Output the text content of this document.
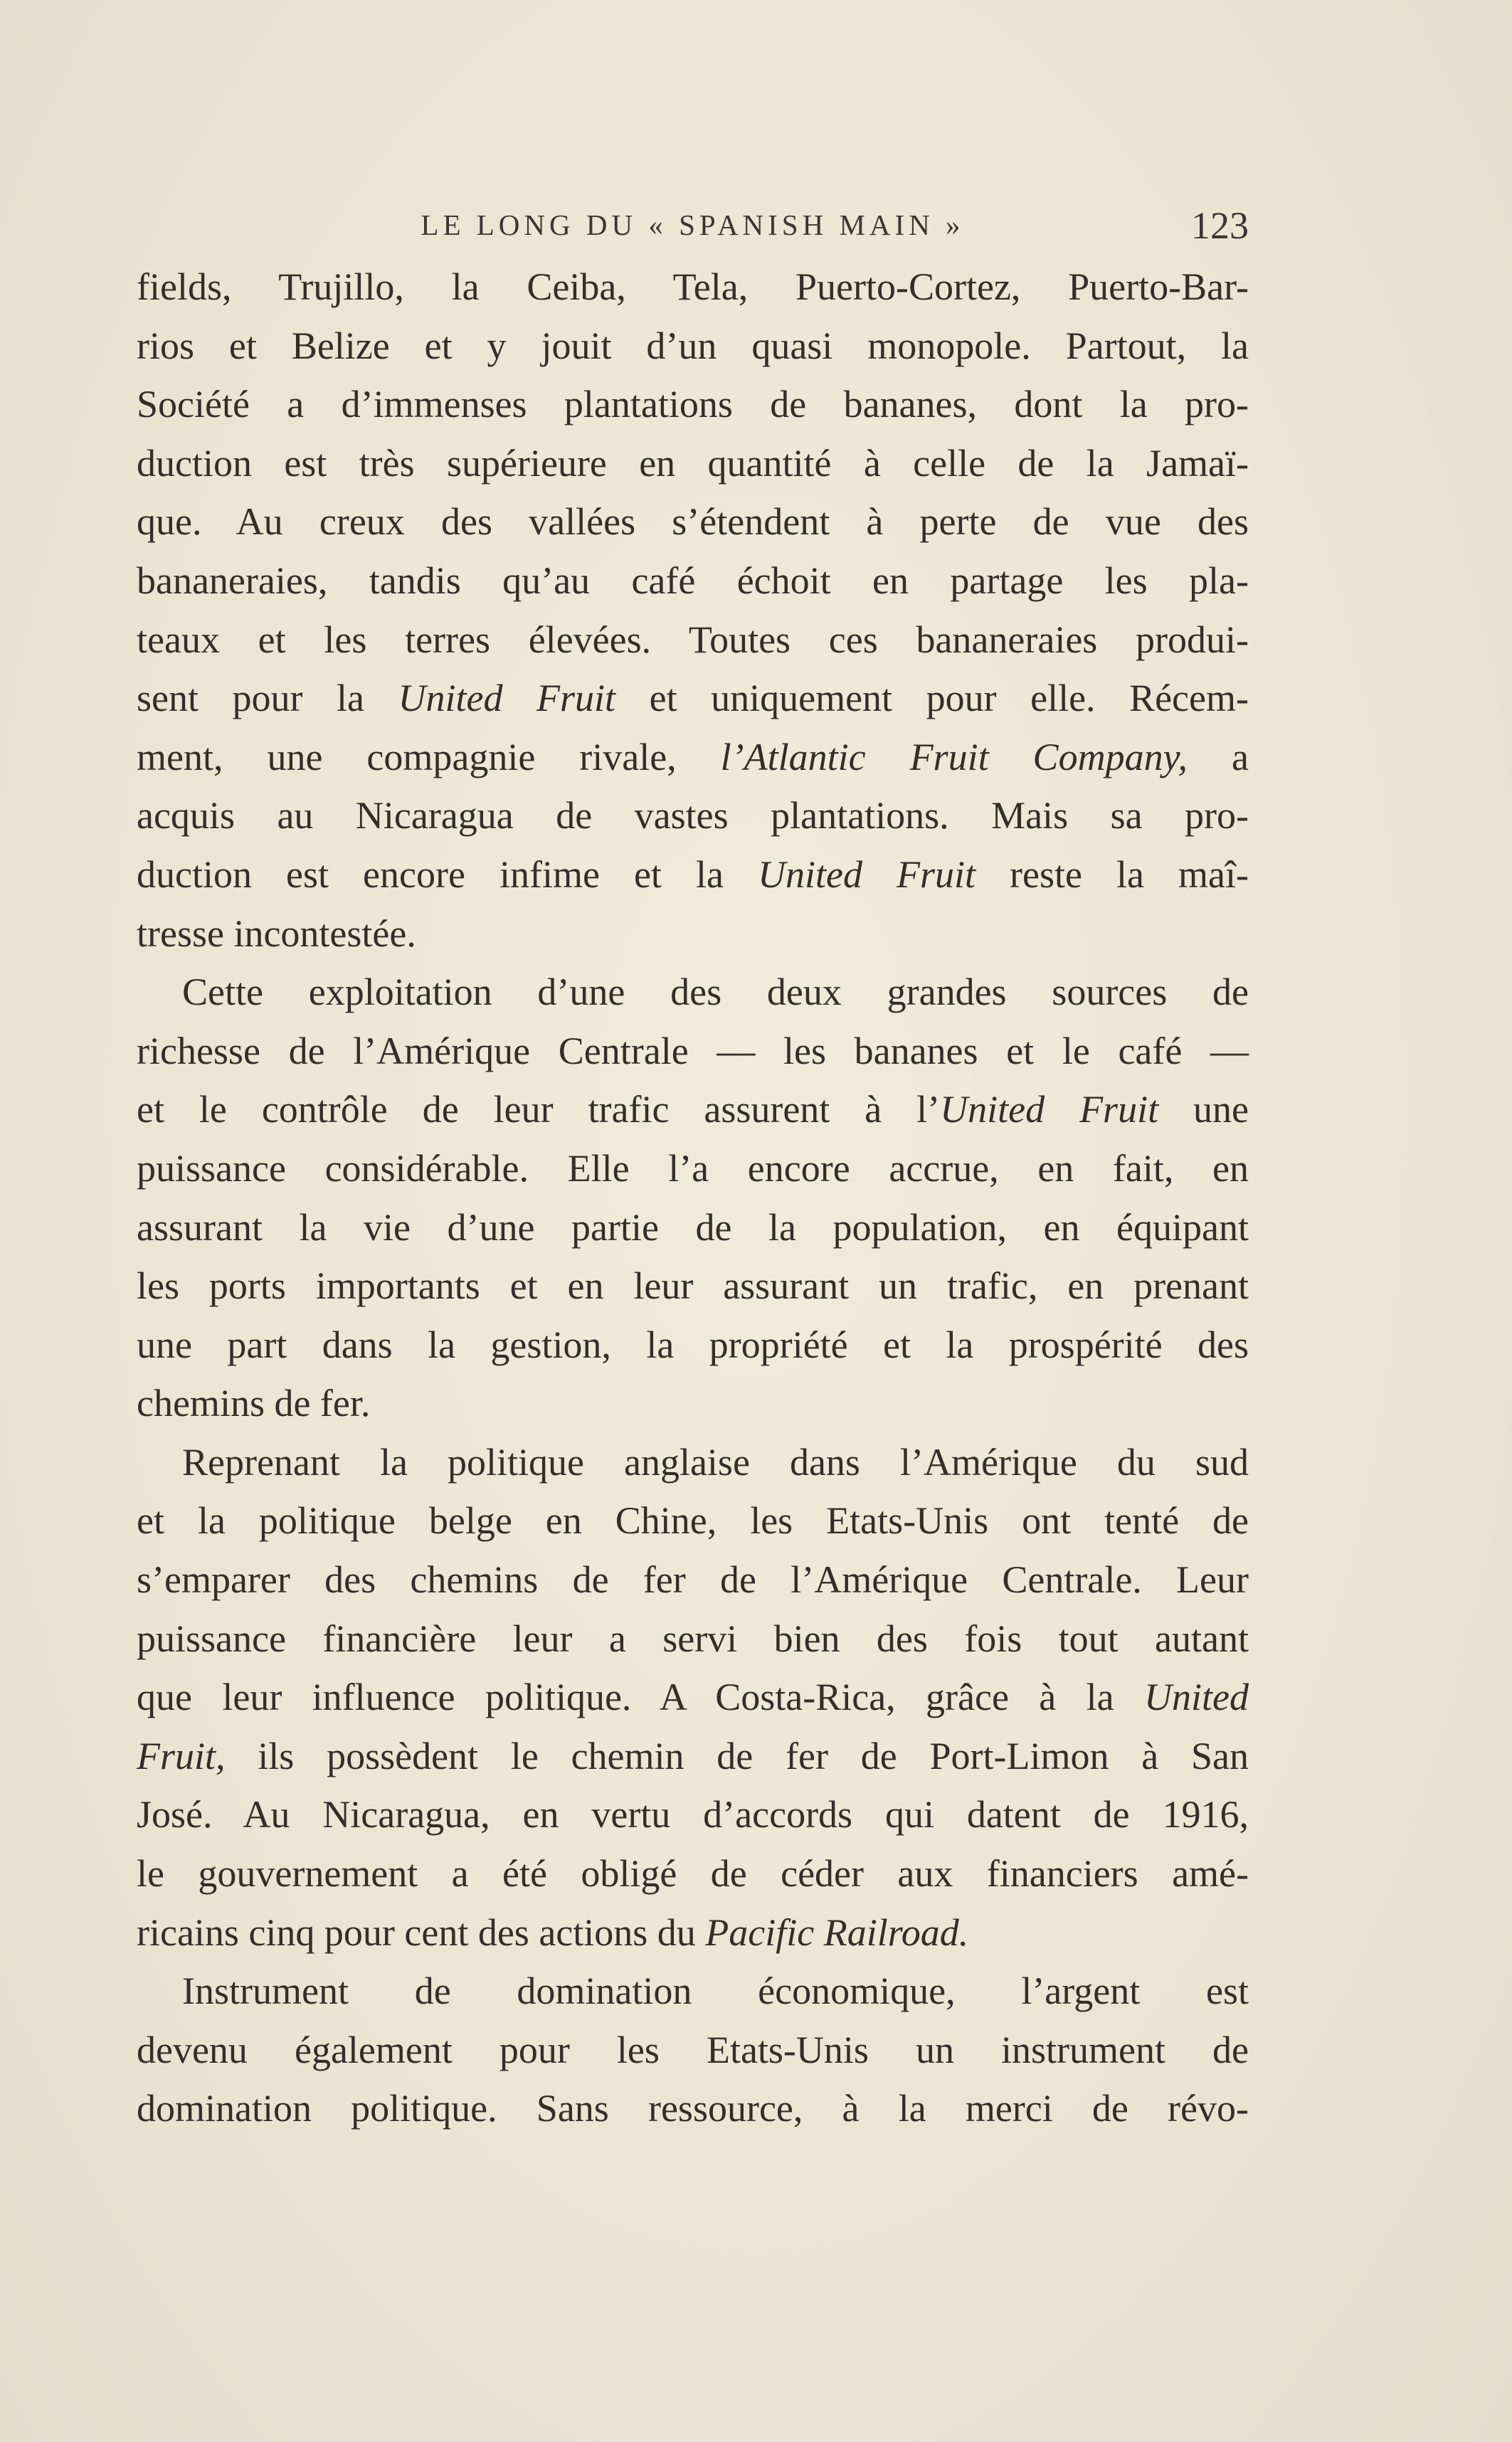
LE LONG DU « SPANISH MAIN »	123
fields, Trujillo, la Ceiba, Tela, Puerto-Cortez, Puerto-Bar-
rios et Belize et y jouit d’un quasi monopole. Partout, la
Société a d’immenses plantations de bananes, dont la pro-
duction est très supérieure en quantité à celle de la Jamaï-
que. Au creux des vallées s’étendent à perte de vue des
bananeraies, tandis qu’au café échoit en partage les pla-
teaux et les terres élevées. Toutes ces bananeraies produi-
sent pour la United Fruit et uniquement pour elle. Récem-
ment, une compagnie rivale, l’Atlantic Fruit Company, a
acquis au Nicaragua de vastes plantations. Mais sa pro-
duction est encore infime et la United Fruit reste la maî-
tresse incontestée.
Cette exploitation d’une des deux grandes sources de
richesse de l’Amérique Centrale — les bananes et le café —
et le contrôle de leur trafic assurent à l’United Fruit une
puissance considérable. Elle l’a encore accrue, en fait, en
assurant la vie d’une partie de la population, en équipant
les ports importants et en leur assurant un trafic, en prenant
une part dans la gestion, la propriété et la prospérité des
chemins de fer.
Reprenant la politique anglaise dans l’Amérique du sud
et la politique belge en Chine, les Etats-Unis ont tenté de
s’emparer des chemins de fer de l’Amérique Centrale. Leur
puissance financière leur a servi bien des fois tout autant
que leur influence politique. A Costa-Rica, grâce à la United
Fruit, ils possèdent le chemin de fer de Port-Limon à San
José. Au Nicaragua, en vertu d’accords qui datent de 1916,
le gouvernement a été obligé de céder aux financiers amé-
ricains cinq pour cent des actions du Pacific Railroad.
Instrument de domination économique, l’argent est
devenu également pour les Etats-Unis un instrument de
domination politique. Sans ressource, à la merci de révo-
